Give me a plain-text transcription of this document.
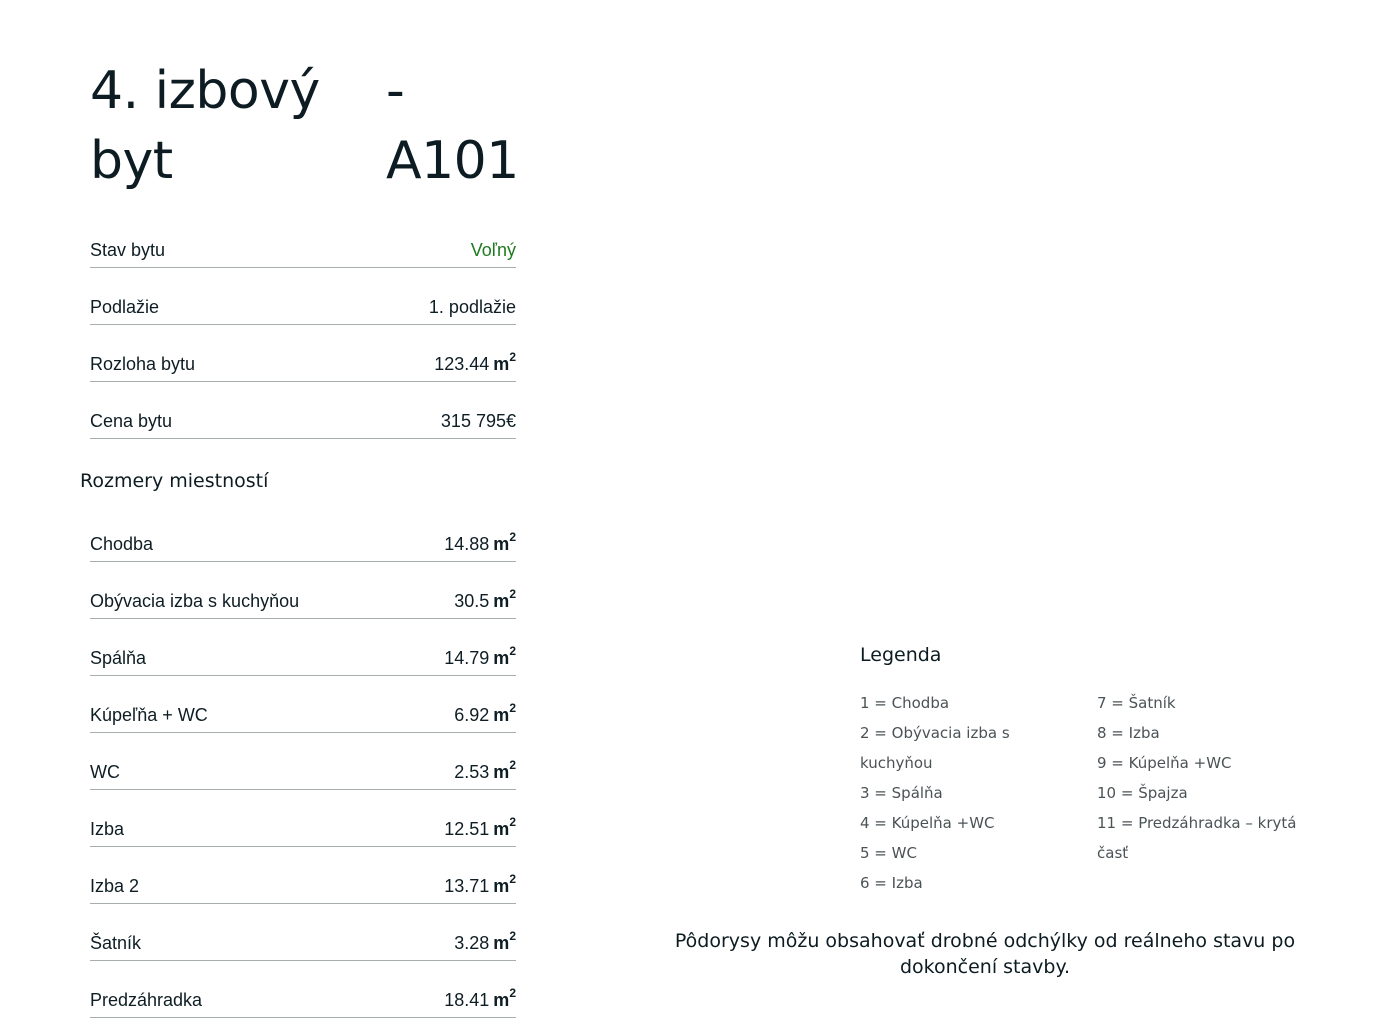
4. izbový byt
- A101
Stav bytu	Voľný
Podlažie	1. podlažie
Rozloha bytu	123.44 $m^2$
Cena bytu	315 795€
Rozmery miestností
Chodba	14.88 $m^2$
Obývacia izba s kuchyňou	30.5 $m^2$
Spálňa	14.79 $m^2$
Kúpeľňa + WC	6.92 $m^2$
WC	2.53 $m^2$
Izba	12.51 $m^2$
Izba 2	13.71 $m^2$
Šatník	3.28 $m^2$
Predzáhradka	18.41 $m^2$
Legenda
1 = Chodba
2 = Obývacia izba s
kuchyňou
3 = Spálňa
4 = Kúpelňa +WC
5 = WC
6 = Izba
7 = Šatník
8 = Izba
9 = Kúpelňa +WC
10 = Špajza
11 = Predzáhradka – krytá
časť
Pôdorysy môžu obsahovať drobné odchýlky od reálneho stavu po dokončení stavby.
